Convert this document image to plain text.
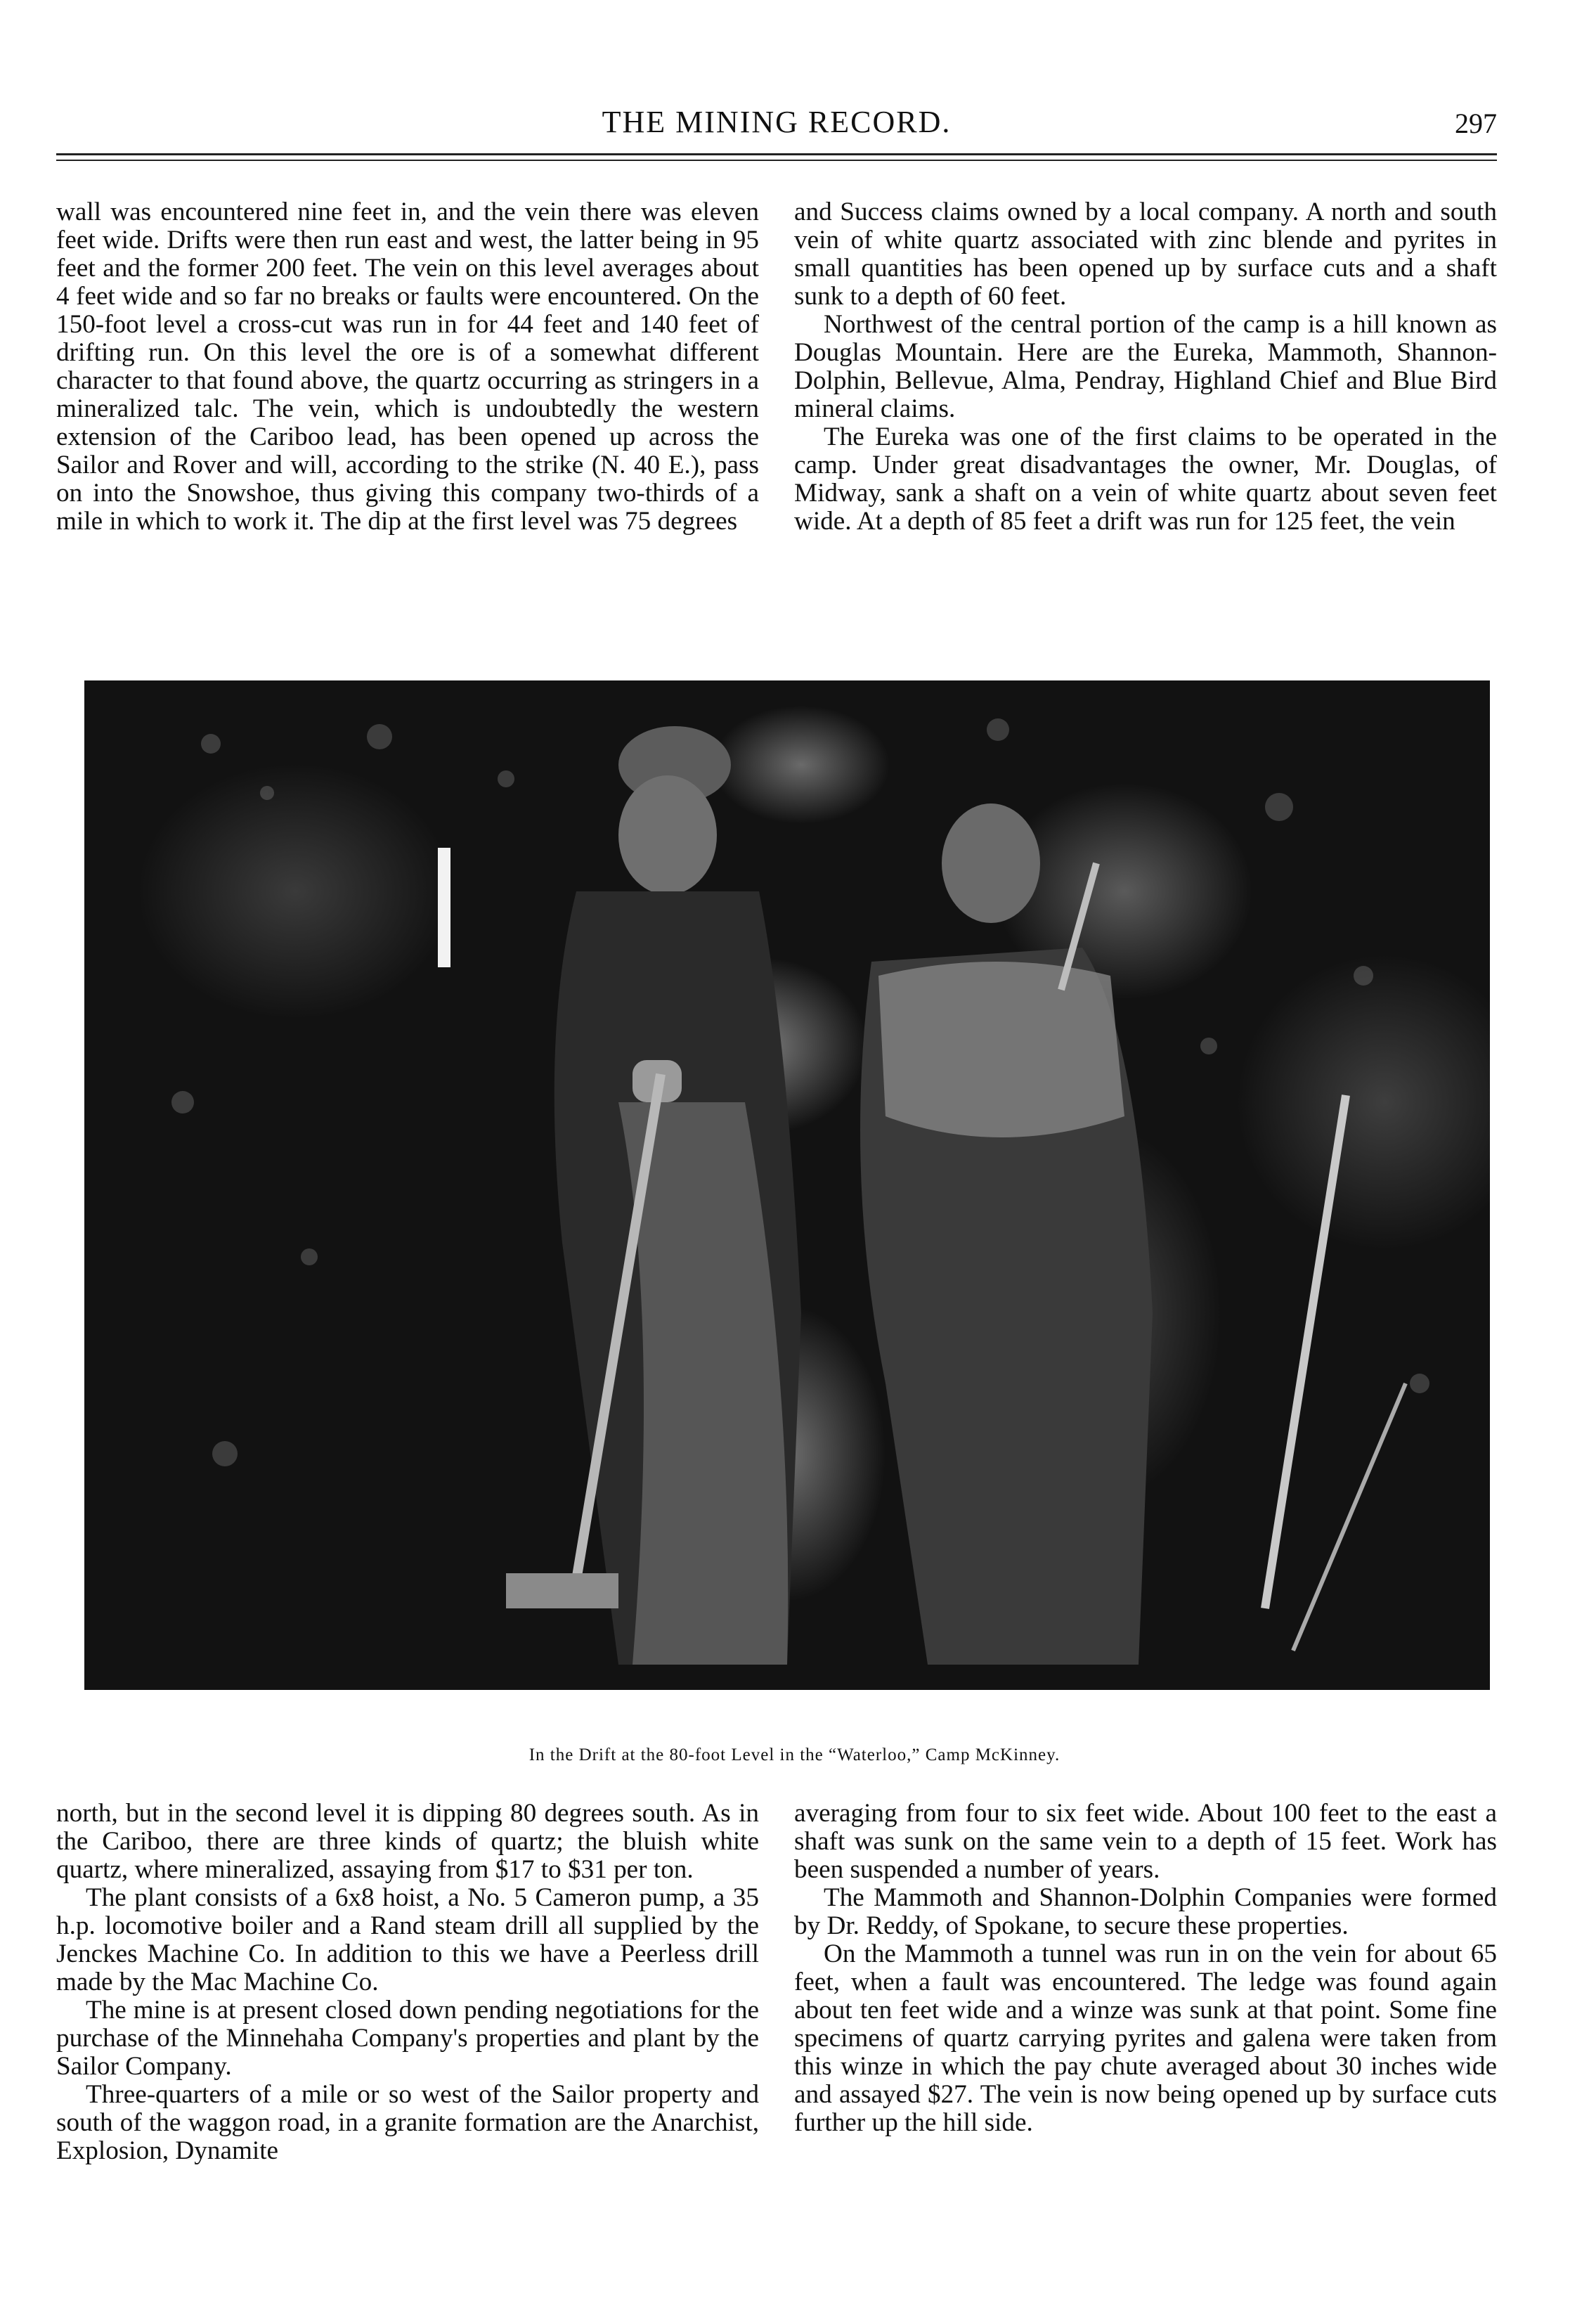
THE MINING RECORD.	297

wall was encountered nine feet in, and the vein there was eleven feet wide. Drifts were then run east and west, the latter being in 95 feet and the former 200 feet. The vein on this level averages about 4 feet wide and so far no breaks or faults were encountered. On the 150-foot level a cross-cut was run in for 44 feet and 140 feet of drifting run. On this level the ore is of a somewhat different character to that found above, the quartz occurring as stringers in a mineralized talc. The vein, which is undoubtedly the western extension of the Cariboo lead, has been opened up across the Sailor and Rover and will, according to the strike (N. 40 E.), pass on into the Snowshoe, thus giving this company two-thirds of a mile in which to work it. The dip at the first level was 75 degrees

and Success claims owned by a local company. A north and south vein of white quartz associated with zinc blende and pyrites in small quantities has been opened up by surface cuts and a shaft sunk to a depth of 60 feet.

Northwest of the central portion of the camp is a hill known as Douglas Mountain. Here are the Eureka, Mammoth, Shannon-Dolphin, Bellevue, Alma, Pendray, Highland Chief and Blue Bird mineral claims.

The Eureka was one of the first claims to be operated in the camp. Under great disadvantages the owner, Mr. Douglas, of Midway, sank a shaft on a vein of white quartz about seven feet wide. At a depth of 85 feet a drift was run for 125 feet, the vein

In the Drift at the 80-foot Level in the “Waterloo,” Camp McKinney.

north, but in the second level it is dipping 80 degrees south. As in the Cariboo, there are three kinds of quartz; the bluish white quartz, where mineralized, assaying from $17 to $31 per ton.

The plant consists of a 6x8 hoist, a No. 5 Cameron pump, a 35 h.p. locomotive boiler and a Rand steam drill all supplied by the Jenckes Machine Co. In addition to this we have a Peerless drill made by the Mac Machine Co.

The mine is at present closed down pending negotiations for the purchase of the Minnehaha Company's properties and plant by the Sailor Company.

Three-quarters of a mile or so west of the Sailor property and south of the waggon road, in a granite formation are the Anarchist, Explosion, Dynamite

averaging from four to six feet wide. About 100 feet to the east a shaft was sunk on the same vein to a depth of 15 feet. Work has been suspended a number of years.

The Mammoth and Shannon-Dolphin Companies were formed by Dr. Reddy, of Spokane, to secure these properties.

On the Mammoth a tunnel was run in on the vein for about 65 feet, when a fault was encountered. The ledge was found again about ten feet wide and a winze was sunk at that point. Some fine specimens of quartz carrying pyrites and galena were taken from this winze in which the pay chute averaged about 30 inches wide and assayed $27. The vein is now being opened up by surface cuts further up the hill side.
